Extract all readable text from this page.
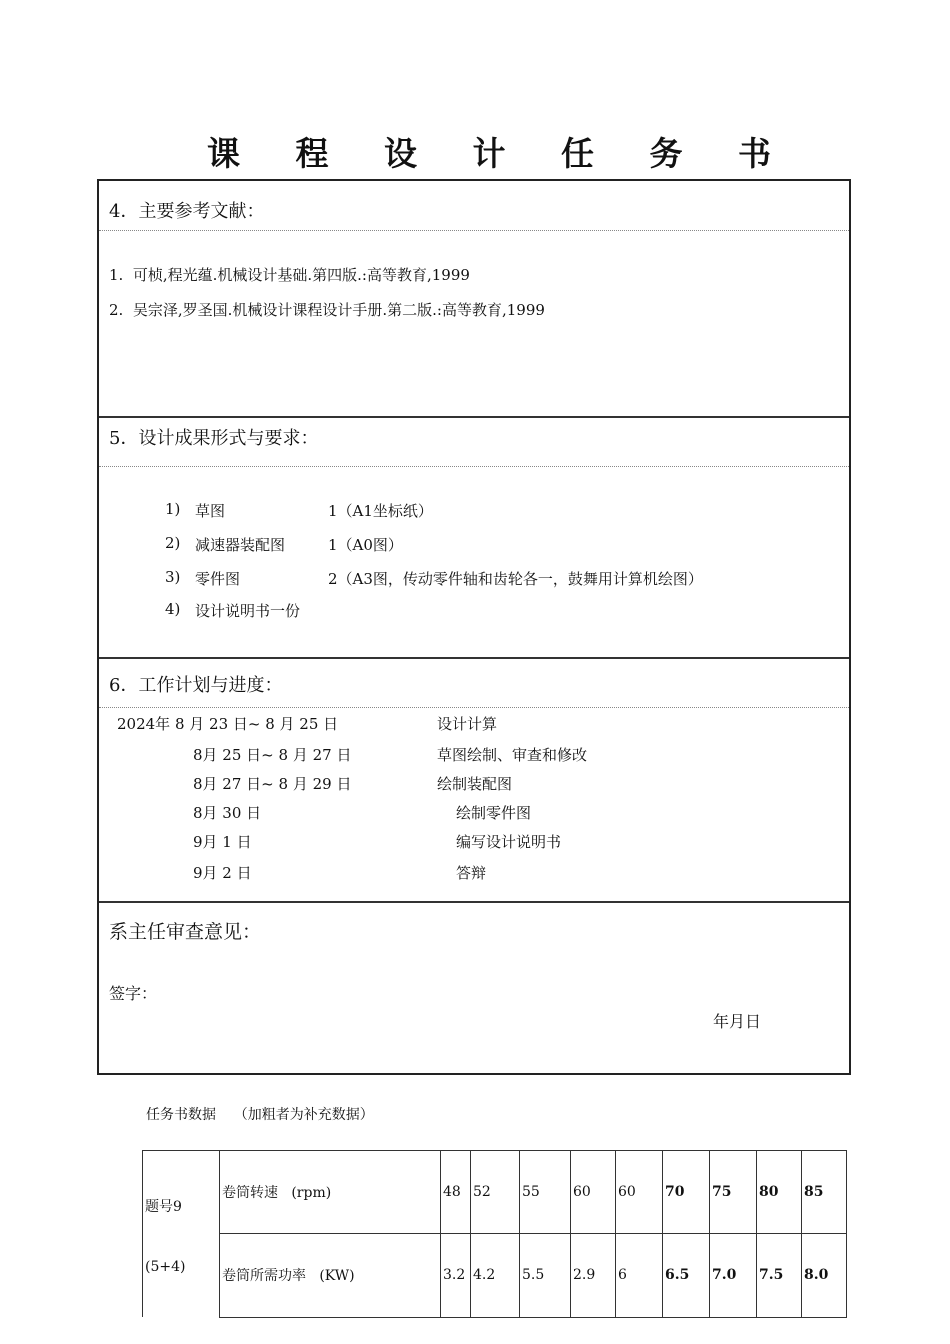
课 程 设 计 任 务 书
4．主要参考文献：
1.  可桢,程光蕴.机械设计基础.第四版.:高等教育,1999
2.  吴宗泽,罗圣国.机械设计课程设计手册.第二版.:高等教育,1999
5．设计成果形式与要求：
1) 草图	1（A1坐标纸）
2) 减速器装配图	1（A0图）
3) 零件图	2（A3图，传动零件轴和齿轮各一，鼓舞用计算机绘图）
4) 设计说明书一份
6．工作计划与进度：
2024年 8 月 23 日~ 8 月 25 日	设计计算
8月 25 日~ 8 月 27 日	草图绘制、审查和修改
8月 27 日~ 8 月 29 日	绘制装配图
8月 30 日	绘制零件图
9月 1 日	编写设计说明书
9月 2 日	答辩
系主任审查意见：
签字：
年月日
任务书数据    （加粗者为补充数据）

题号9

(5+4)	卷筒转速   (rpm)	48	52	55	60	60	70	75	80	85
	卷筒所需功率   (KW)	3.2	4.2	5.5	2.9	6	6.5	7.0	7.5	8.0
